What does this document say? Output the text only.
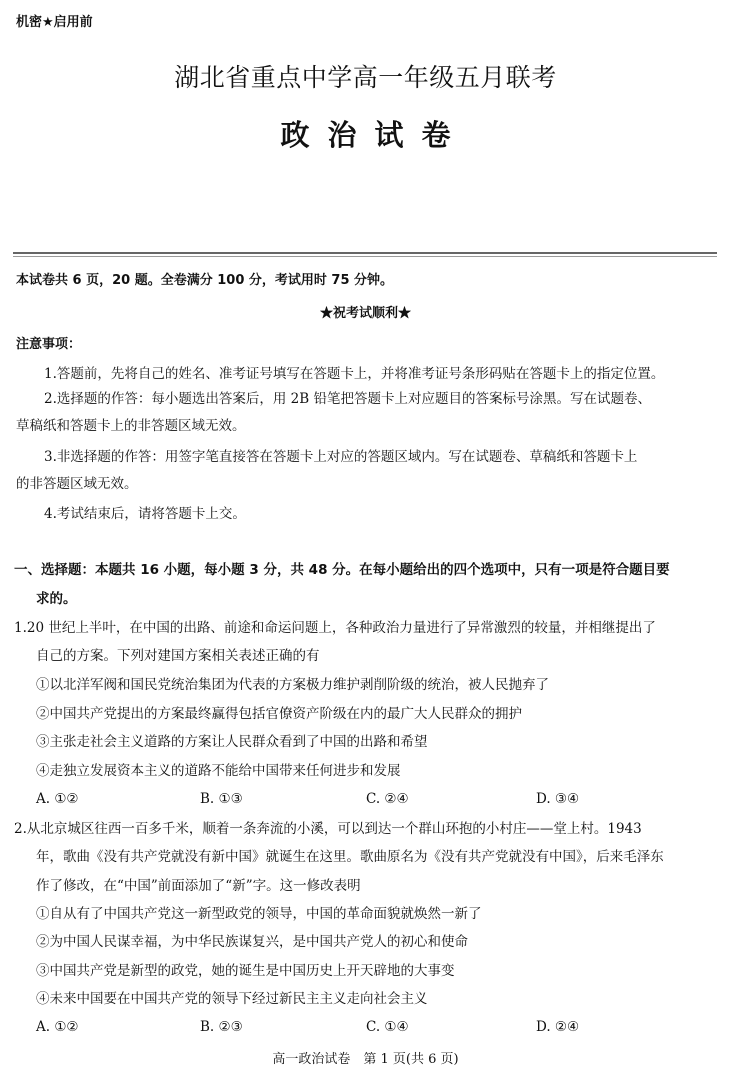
机密★启用前
湖北省重点中学高一年级五月联考
政治试卷
本试卷共 6 页，20 题。全卷满分 100 分，考试用时 75 分钟。
★祝考试顺利★
注意事项：
1.答题前，先将自己的姓名、准考证号填写在答题卡上，并将准考证号条形码贴在答题卡上的指定位置。
2.选择题的作答：每小题选出答案后，用 2B 铅笔把答题卡上对应题目的答案标号涂黑。写在试题卷、
草稿纸和答题卡上的非答题区域无效。
3.非选择题的作答：用签字笔直接答在答题卡上对应的答题区域内。写在试题卷、草稿纸和答题卡上
的非答题区域无效。
4.考试结束后，请将答题卡上交。
一、选择题：本题共 16 小题，每小题 3 分，共 48 分。在每小题给出的四个选项中，只有一项是符合题目要
求的。
1.20 世纪上半叶，在中国的出路、前途和命运问题上，各种政治力量进行了异常激烈的较量，并相继提出了
自己的方案。下列对建国方案相关表述正确的有
①以北洋军阀和国民党统治集团为代表的方案极力维护剥削阶级的统治，被人民抛弃了
②中国共产党提出的方案最终赢得包括官僚资产阶级在内的最广大人民群众的拥护
③主张走社会主义道路的方案让人民群众看到了中国的出路和希望
④走独立发展资本主义的道路不能给中国带来任何进步和发展
A. ①②	B. ①③	C. ②④	D. ③④
2.从北京城区往西一百多千米，顺着一条奔流的小溪，可以到达一个群山环抱的小村庄——堂上村。1943
年，歌曲《没有共产党就没有新中国》就诞生在这里。歌曲原名为《没有共产党就没有中国》，后来毛泽东
作了修改，在“中国”前面添加了“新”字。这一修改表明
①自从有了中国共产党这一新型政党的领导，中国的革命面貌就焕然一新了
②为中国人民谋幸福，为中华民族谋复兴，是中国共产党人的初心和使命
③中国共产党是新型的政党，她的诞生是中国历史上开天辟地的大事变
④未来中国要在中国共产党的领导下经过新民主主义走向社会主义
A. ①②	B. ②③	C. ①④	D. ②④
高一政治试卷　第 1 页(共 6 页)
